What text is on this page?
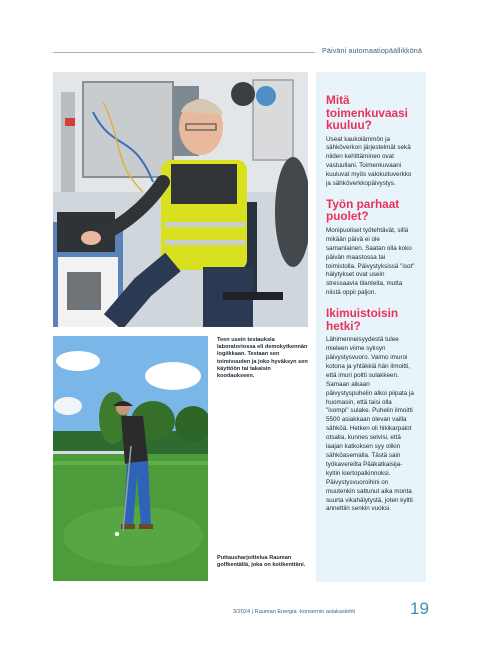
Päivänі automaatiopäällikkönä
Teen usein testauksia laboratoriossa eli demokytkennän logiikkaan. Testaan sen toimivuuden ja joko hyväksyn sen käyttöön tai takaisin koodaukseen.
Puttausharjoittelua Rauman golfkentällä, joka on kotikenttäni.
Mitä toimenkuvaasi kuuluu?
Useat kaukolämmön ja sähköverkon järjestelmät sekä niiden kehittäminen ovat vastuullani. Toimenkuvaani kuuluvat myös valokuituverkko ja sähköverkkopäivystys.
Työn parhaat puolet?
Monipuoliset työtehtävät, sillä mikään päivä ei ole samanlainen. Saatan olla koko päivän maastossa tai toimistolla. Päivystyksissä "isot" hälytykset ovat usein stressaavia tilanteita, mutta niistä oppii paljon.
Ikimuistoisin hetki?
Lähimenneisyydestä tulee mieleen viime syksyn päivystysvuoro. Vaimo imuroi kotona ja yhtäkkiä hän ilmoitti, että imuri poltti sulakkeen. Samaan aikaan päivystyspuhelin alkoi piipata ja huomasin, että taisi olla "isompi" sulake. Puhelin ilmoitti 5500 asiakkaan olevan vailla sähköä. Hetken oli hikikarpalot otsalla, kunnes selvisi, että laajan katkoksen syy olikin sähköasemalla. Tästä sain työkavereilta Pääkatkaisija-kyltin kiertopalkinnoksi. Päivystysvuoroihini on muutenkin sattunut aika monta suurta vikahälytystä, joten kyltti annettiin senkin vuoksi.
3/2024 | Rauman Energia -konsernin asiakaslehti	19
